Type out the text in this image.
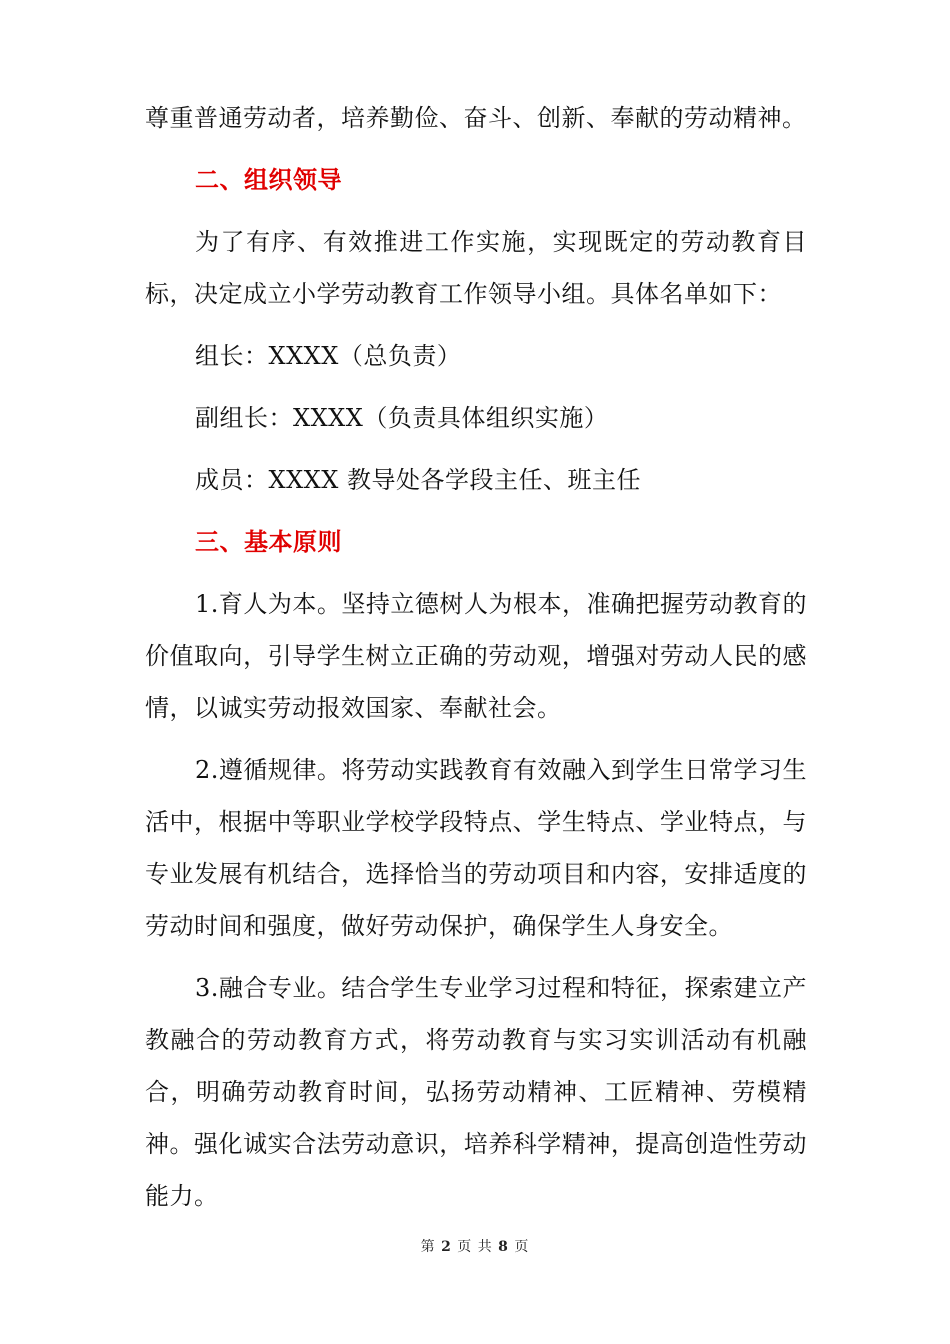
尊重普通劳动者，培养勤俭、奋斗、创新、奉献的劳动精神。

二、组织领导

为了有序、有效推进工作实施，实现既定的劳动教育目标，决定成立小学劳动教育工作领导小组。具体名单如下：

组长：XXXX（总负责）

副组长：XXXX（负责具体组织实施）

成员：XXXX 教导处各学段主任、班主任

三、基本原则

1.育人为本。坚持立德树人为根本，准确把握劳动教育的价值取向，引导学生树立正确的劳动观，增强对劳动人民的感情，以诚实劳动报效国家、奉献社会。

2.遵循规律。将劳动实践教育有效融入到学生日常学习生活中，根据中等职业学校学段特点、学生特点、学业特点，与专业发展有机结合，选择恰当的劳动项目和内容，安排适度的劳动时间和强度，做好劳动保护，确保学生人身安全。

3.融合专业。结合学生专业学习过程和特征，探索建立产教融合的劳动教育方式，将劳动教育与实习实训活动有机融合，明确劳动教育时间，弘扬劳动精神、工匠精神、劳模精神。强化诚实合法劳动意识，培养科学精神，提高创造性劳动能力。

第 2 页 共 8 页
